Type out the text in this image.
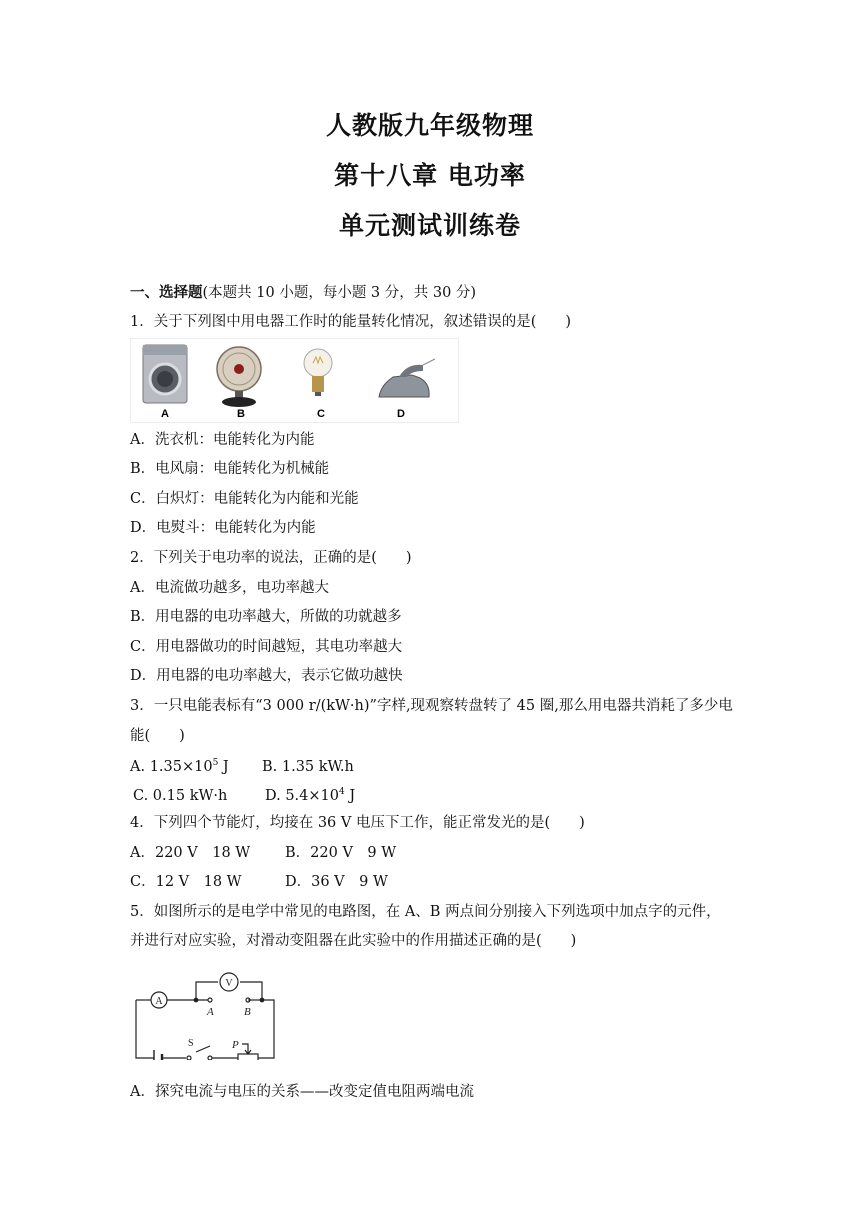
人教版九年级物理
第十八章 电功率
单元测试训练卷
一、选择题(本题共 10 小题，每小题 3 分，共 30 分)
1．关于下列图中用电器工作时的能量转化情况，叙述错误的是(　　)
A	B	C	D
A．洗衣机：电能转化为内能
B．电风扇：电能转化为机械能
C．白炽灯：电能转化为内能和光能
D．电熨斗：电能转化为内能
2．下列关于电功率的说法，正确的是(　　)
A．电流做功越多，电功率越大
B．用电器的电功率越大，所做的功就越多
C．用电器做功的时间越短，其电功率越大
D．用电器的电功率越大，表示它做功越快
3．一只电能表标有“3 000 r/(kW·h)”字样,现观察转盘转了 45 圈,那么用电器共消耗了多少电
能(　　)
A. $1.35\times 10^5$ J B. 1.35 kW.h
C. 0.15 kW·h	D. $5.4\times 10^4$ J
4．下列四个节能灯，均接在 36 V 电压下工作，能正常发光的是(　　)
A．220 V　18 W B．220 V　9 W
C．12 V　18 W	D．36 V　9 W
5．如图所示的是电学中常见的电路图，在 A、B 两点间分别接入下列选项中加点字的元件，
并进行对应实验，对滑动变阻器在此实验中的作用描述正确的是(　　)
A
V
A	B
S	P
A．探究电流与电压的关系——改变定值电阻两端电流
